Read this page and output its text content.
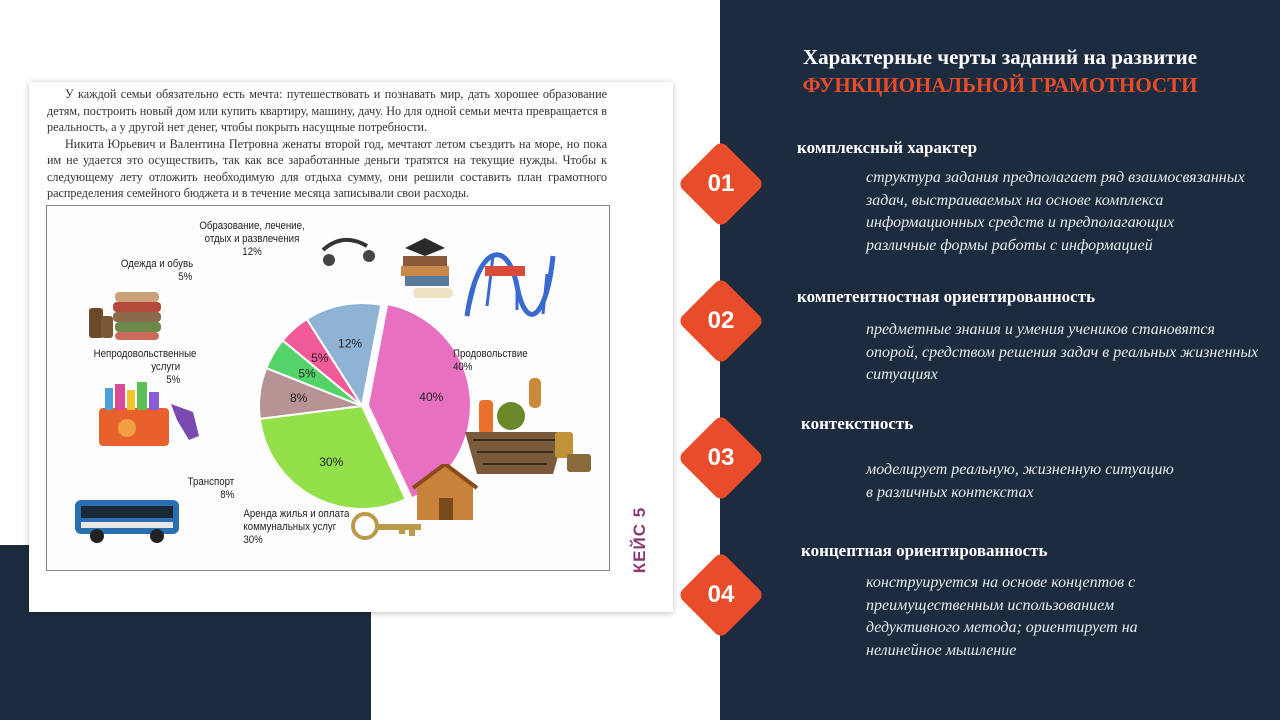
У каждой семьи обязательно есть мечта: путешествовать и познавать мир, дать хорошее образование детям, построить новый дом или купить квартиру, машину, дачу. Но для одной семьи мечта превращается в реальность, а у другой нет денег, чтобы покрыть насущные потребности.

Никита Юрьевич и Валентина Петровна женаты второй год, мечтают летом съездить на море, но пока им не удается это осуществить, так как все заработанные деньги тратятся на текущие нужды. Чтобы к следующему лету отложить необходимую для отдыха сумму, они решили составить план грамотного распределения семейного бюджета и в течение месяца записывали свои расходы.

40%
30%
8%
5%
5%
12%
Образование, лечение,
отдых и развлечения
12%
Одежда и обувь
5%
Непродовольственные
услуги
5%
Продовольствие
40%
Транспорт
8%
Аренда жилья и оплата
коммунальных услуг
30%	КЕЙС 5
Характерные черты заданий на развитие
ФУНКЦИОНАЛЬНОЙ ГРАМОТНОСТИ
01
комплексный характер
структура задания предполагает ряд взаимосвязанных задач, выстраиваемых на основе комплекса информационных средств и предполагающих различные формы работы с информацией
02
компетентностная ориентированность
предметные знания и умения учеников становятся опорой, средством решения задач в реальных жизненных ситуациях
03
контекстность
моделирует реальную, жизненную ситуацию в различных контекстах
04
концептная ориентированность
конструируется на основе концептов с преимущественным использованием дедуктивного метода; ориентирует на нелинейное мышление
